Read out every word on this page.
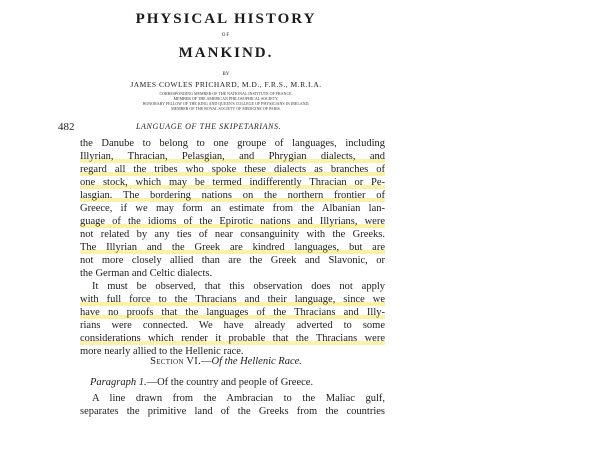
PHYSICAL HISTORY
OF
MANKIND.
BY
JAMES COWLES PRICHARD, M.D., F.R.S., M.R.I.A.
CORRESPONDING MEMBER OF THE NATIONAL INSTITUTE OF FRANCE,
MEMBER OF THE AMERICAN PHILOSOPHICAL SOCIETY,
HONORARY FELLOW OF THE KING AND QUEEN'S COLLEGE OF PHYSICIANS IN IRELAND,
MEMBER OF THE ROYAL SOCIETY OF MEDICINE OF PARIS.
482	LANGUAGE OF THE SKIPETARIANS.
the Danube to belong to one groupe of languages, including
Illyrian, Thracian, Pelasgian, and Phrygian dialects, and
regard all the tribes who spoke these dialects as branches of
one stock, which may be termed indifferently Thracian or Pe-
lasgian. The bordering nations on the northern frontier of
Greece, if we may form an estimate from the Albanian lan-
guage of the idioms of the Epirotic nations and Illyrians, were
not related by any ties of near consanguinity with the Greeks.
The Illyrian and the Greek are kindred languages, but are
not more closely allied than are the Greek and Slavonic, or
the German and Celtic dialects.
It must be observed, that this observation does not apply
with full force to the Thracians and their language, since we
have no proofs that the languages of the Thracians and Illy-
rians were connected. We have already adverted to some
considerations which render it probable that the Thracians were
more nearly allied to the Hellenic race.
Section VI.—Of the Hellenic Race.
Paragraph 1.—Of the country and people of Greece.
A line drawn from the Ambracian to the Maliac gulf,
separates the primitive land of the Greeks from the countries
